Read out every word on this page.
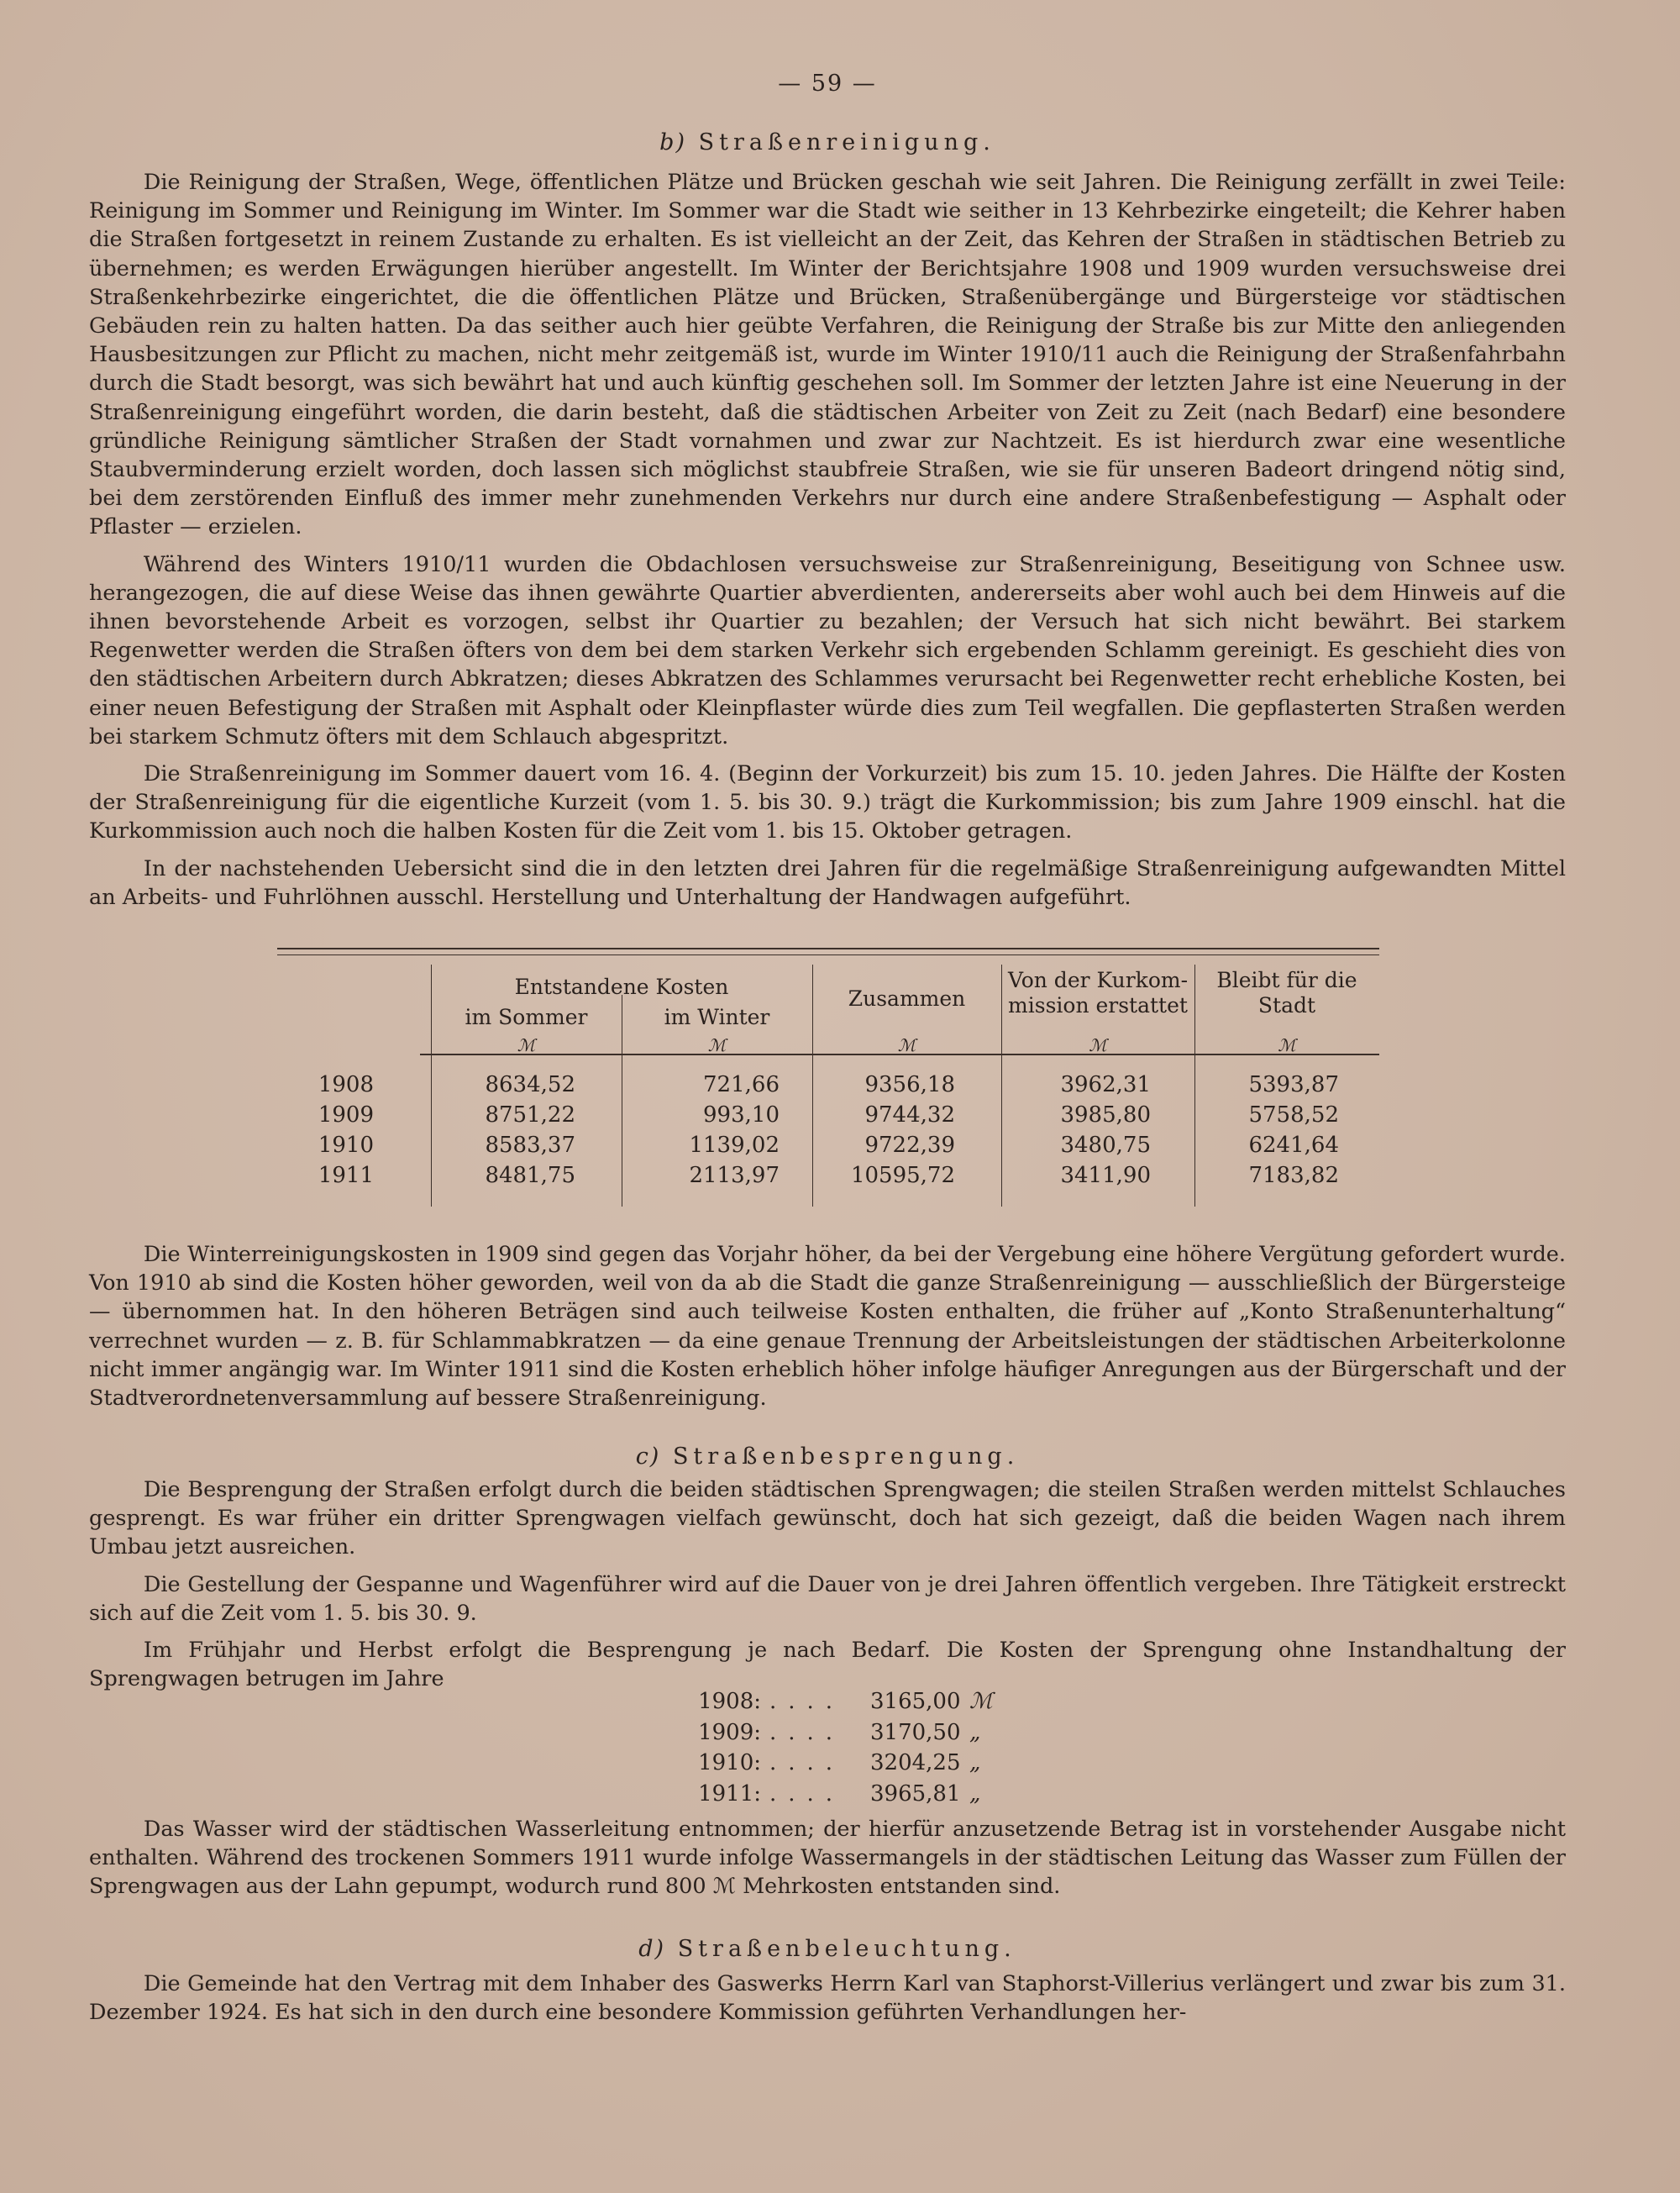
— 59 —
b) Straßenreinigung.

Die Reinigung der Straßen, Wege, öffentlichen Plätze und Brücken geschah wie seit Jahren. Die Reinigung zerfällt in zwei Teile: Reinigung im Sommer und Reinigung im Winter. Im Sommer war die Stadt wie seither in 13 Kehrbezirke eingeteilt; die Kehrer haben die Straßen fortgesetzt in reinem Zustande zu erhalten. Es ist vielleicht an der Zeit, das Kehren der Straßen in städtischen Betrieb zu übernehmen; es werden Erwägungen hierüber angestellt. Im Winter der Berichtsjahre 1908 und 1909 wurden versuchsweise drei Straßenkehrbezirke eingerichtet, die die öffentlichen Plätze und Brücken, Straßenübergänge und Bürgersteige vor städtischen Gebäuden rein zu halten hatten. Da das seither auch hier geübte Verfahren, die Reinigung der Straße bis zur Mitte den anliegenden Hausbesitzungen zur Pflicht zu machen, nicht mehr zeitgemäß ist, wurde im Winter 1910/11 auch die Reinigung der Straßenfahrbahn durch die Stadt besorgt, was sich bewährt hat und auch künftig geschehen soll. Im Sommer der letzten Jahre ist eine Neuerung in der Straßenreinigung eingeführt worden, die darin besteht, daß die städtischen Arbeiter von Zeit zu Zeit (nach Bedarf) eine besondere gründliche Reinigung sämtlicher Straßen der Stadt vornahmen und zwar zur Nachtzeit. Es ist hierdurch zwar eine wesentliche Staubverminderung erzielt worden, doch lassen sich möglichst staubfreie Straßen, wie sie für unseren Badeort dringend nötig sind, bei dem zerstörenden Einfluß des immer mehr zunehmenden Verkehrs nur durch eine andere Straßenbefestigung — Asphalt oder Pflaster — erzielen.

Während des Winters 1910/11 wurden die Obdachlosen versuchsweise zur Straßenreinigung, Beseitigung von Schnee usw. herangezogen, die auf diese Weise das ihnen gewährte Quartier abverdienten, andererseits aber wohl auch bei dem Hinweis auf die ihnen bevorstehende Arbeit es vorzogen, selbst ihr Quartier zu bezahlen; der Versuch hat sich nicht bewährt. Bei starkem Regenwetter werden die Straßen öfters von dem bei dem starken Verkehr sich ergebenden Schlamm gereinigt. Es geschieht dies von den städtischen Arbeitern durch Abkratzen; dieses Abkratzen des Schlammes verursacht bei Regenwetter recht erhebliche Kosten, bei einer neuen Befestigung der Straßen mit Asphalt oder Kleinpflaster würde dies zum Teil wegfallen. Die gepflasterten Straßen werden bei starkem Schmutz öfters mit dem Schlauch abgespritzt.

Die Straßenreinigung im Sommer dauert vom 16. 4. (Beginn der Vorkurzeit) bis zum 15. 10. jeden Jahres. Die Hälfte der Kosten der Straßenreinigung für die eigentliche Kurzeit (vom 1. 5. bis 30. 9.) trägt die Kurkommission; bis zum Jahre 1909 einschl. hat die Kurkommission auch noch die halben Kosten für die Zeit vom 1. bis 15. Oktober getragen.

In der nachstehenden Uebersicht sind die in den letzten drei Jahren für die regelmäßige Straßenreinigung aufgewandten Mittel an Arbeits- und Fuhrlöhnen ausschl. Herstellung und Unterhaltung der Handwagen aufgeführt.

Entstandene Kosten
im Sommer	im Winter
Zusammen
Von der Kurkom-
mission erstattet
Bleibt für die
Stadt
ℳ	ℳ	ℳ	ℳ	ℳ
1908	8634,52	721,66	9356,18	3962,31	5393,87
1909	8751,22	993,10	9744,32	3985,80	5758,52
1910	8583,37	1139,02	9722,39	3480,75	6241,64
1911	8481,75	2113,97	10595,72	3411,90	7183,82

Die Winterreinigungskosten in 1909 sind gegen das Vorjahr höher, da bei der Vergebung eine höhere Vergütung gefordert wurde. Von 1910 ab sind die Kosten höher geworden, weil von da ab die Stadt die ganze Straßenreinigung — ausschließlich der Bürgersteige — übernommen hat. In den höheren Beträgen sind auch teilweise Kosten enthalten, die früher auf „Konto Straßenunterhaltung“ verrechnet wurden — z. B. für Schlammabkratzen — da eine genaue Trennung der Arbeitsleistungen der städtischen Arbeiterkolonne nicht immer angängig war. Im Winter 1911 sind die Kosten erheblich höher infolge häufiger Anregungen aus der Bürgerschaft und der Stadtverordnetenversammlung auf bessere Straßenreinigung.

c) Straßenbesprengung.

Die Besprengung der Straßen erfolgt durch die beiden städtischen Sprengwagen; die steilen Straßen werden mittelst Schlauches gesprengt. Es war früher ein dritter Sprengwagen vielfach gewünscht, doch hat sich gezeigt, daß die beiden Wagen nach ihrem Umbau jetzt ausreichen.

Die Gestellung der Gespanne und Wagenführer wird auf die Dauer von je drei Jahren öffentlich vergeben. Ihre Tätigkeit erstreckt sich auf die Zeit vom 1. 5. bis 30. 9.

Im Frühjahr und Herbst erfolgt die Besprengung je nach Bedarf. Die Kosten der Sprengung ohne Instandhaltung der Sprengwagen betrugen im Jahre

1908: ....	3165,00 ℳ
1909: ....	3170,50 „
1910: ....	3204,25 „
1911: ....	3965,81 „

Das Wasser wird der städtischen Wasserleitung entnommen; der hierfür anzusetzende Betrag ist in vorstehender Ausgabe nicht enthalten. Während des trockenen Sommers 1911 wurde infolge Wassermangels in der städtischen Leitung das Wasser zum Füllen der Sprengwagen aus der Lahn gepumpt, wodurch rund 800 ℳ Mehrkosten entstanden sind.

d) Straßenbeleuchtung.

Die Gemeinde hat den Vertrag mit dem Inhaber des Gaswerks Herrn Karl van Staphorst-Villerius verlängert und zwar bis zum 31. Dezember 1924. Es hat sich in den durch eine besondere Kommission geführten Verhandlungen her-
